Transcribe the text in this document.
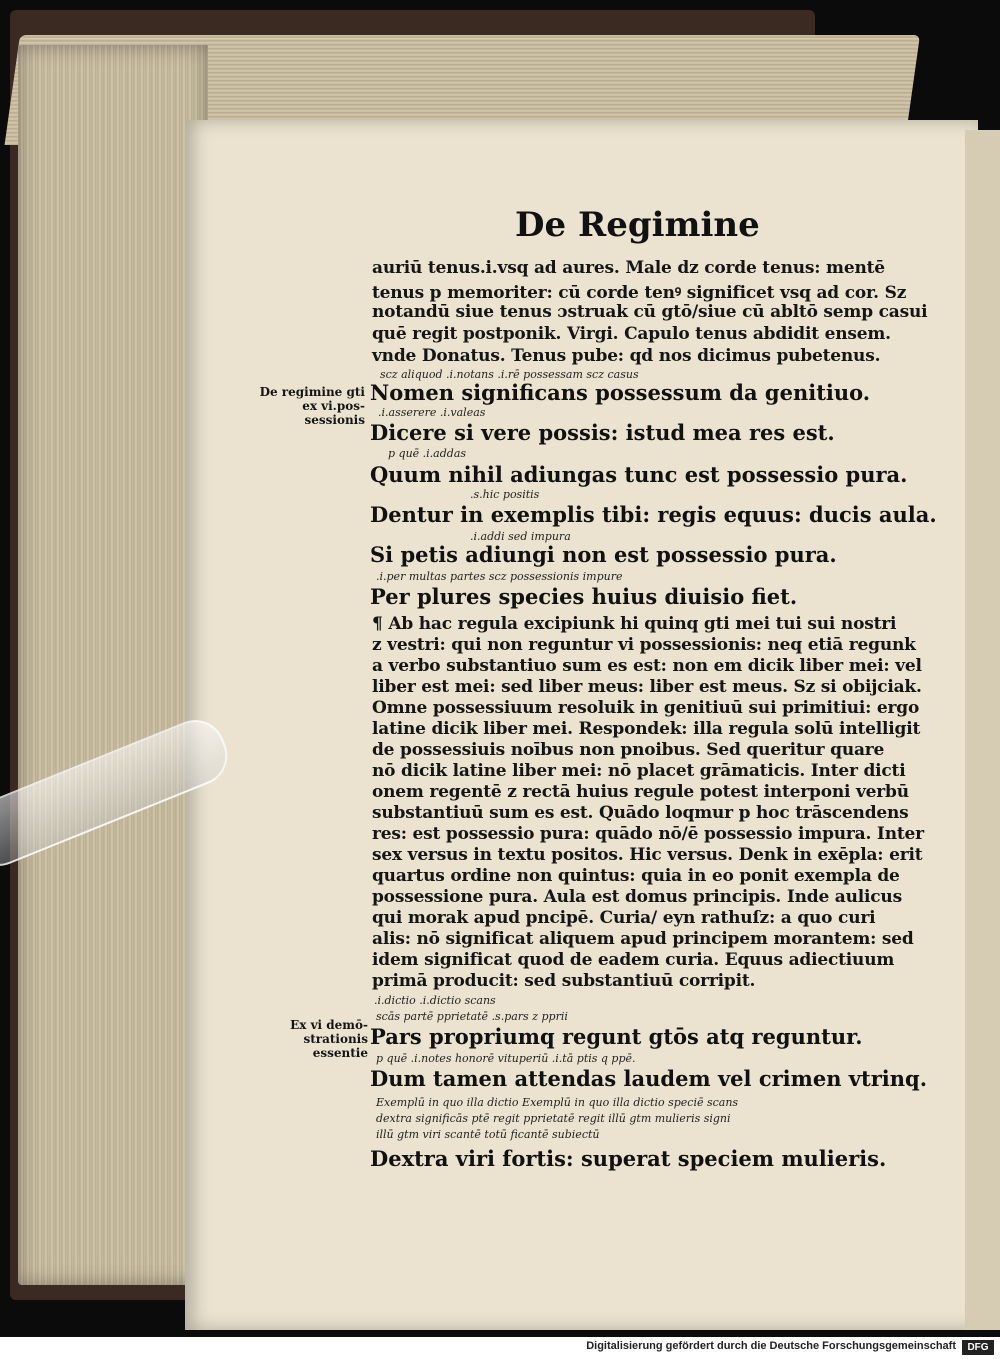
De Regimine
auriū tenus.i.vsq ad aures. Male dz corde tenus: mentē
tenus p memoriter: cū corde tenꝰ significet vsq ad cor. Sz
notandū siue tenus ɔstruak cū gtō/siue cū abltō semp casui
quē regit postponik. Virgi. Capulo tenus abdidit ensem.
vnde Donatus. Tenus pube: qd nos dicimus pubetenus.
scz aliquod .i.notans .i.rē possessam scz casus
De regimine gti ex vi.pos-sessionis
Nomen significans possessum da genitiuo.
.i.asserere .i.valeas
Dicere si vere possis: istud mea res est.
p quē .i.addas
Quum nihil adiungas tunc est possessio pura.
.s.hic positis
Dentur in exemplis tibi: regis equus: ducis aula.
.i.addi sed impura
Si petis adiungi non est possessio pura.
.i.per multas partes scz possessionis impure
Per plures species huius diuisio fiet.
¶ Ab hac regula excipiunk hi quinq gti mei tui sui nostri
z vestri: qui non reguntur vi possessionis: neq etiā regunk
a verbo substantiuo sum es est: non em dicik liber mei: vel
liber est mei: sed liber meus: liber est meus. Sz si obijciak.
Omne possessiuum resoluik in genitiuū sui primitiui: ergo
latine dicik liber mei. Respondek: illa regula solū intelligit
de possessiuis noībus non pnoibus. Sed queritur quare
nō dicik latine liber mei: nō placet grāmaticis. Inter dicti
onem regentē z rectā huius regule potest interponi verbū
substantiuū sum es est. Quādo loqmur p hoc trāscendens
res: est possessio pura: quādo nō/ē possessio impura. Inter
sex versus in textu positos. Hic versus. Denk in exēpla: erit
quartus ordine non quintus: quia in eo ponit exempla de
possessione pura. Aula est domus principis. Inde aulicus
qui morak apud pncipē. Curia/ eyn rathuſz: a quo curi
alis: nō significat aliquem apud principem morantem: sed
idem significat quod de eadem curia. Equus adiectiuum
primā producit: sed substantiuū corripit.
.i.dictio .i.dictio scans
scās partē pprietatē .s.pars z pprii
Ex vi demō-strationis essentie
Pars propriumq regunt gtōs atq reguntur.
p quē .i.notes honorē vituperiū .i.tā ptis q ppē.
Dum tamen attendas laudem vel crimen vtrinq.
Exemplū in quo illa dictio Exemplū in quo illa dictio speciē scans
dextra significās ptē regit pprietatē regit illū gtm mulieris signi
illū gtm viri scantē totū ficantē subiectū
Dextra viri fortis: superat speciem mulieris.
Digitalisierung gefördert durch die Deutsche Forschungsgemeinschaft	DFG
